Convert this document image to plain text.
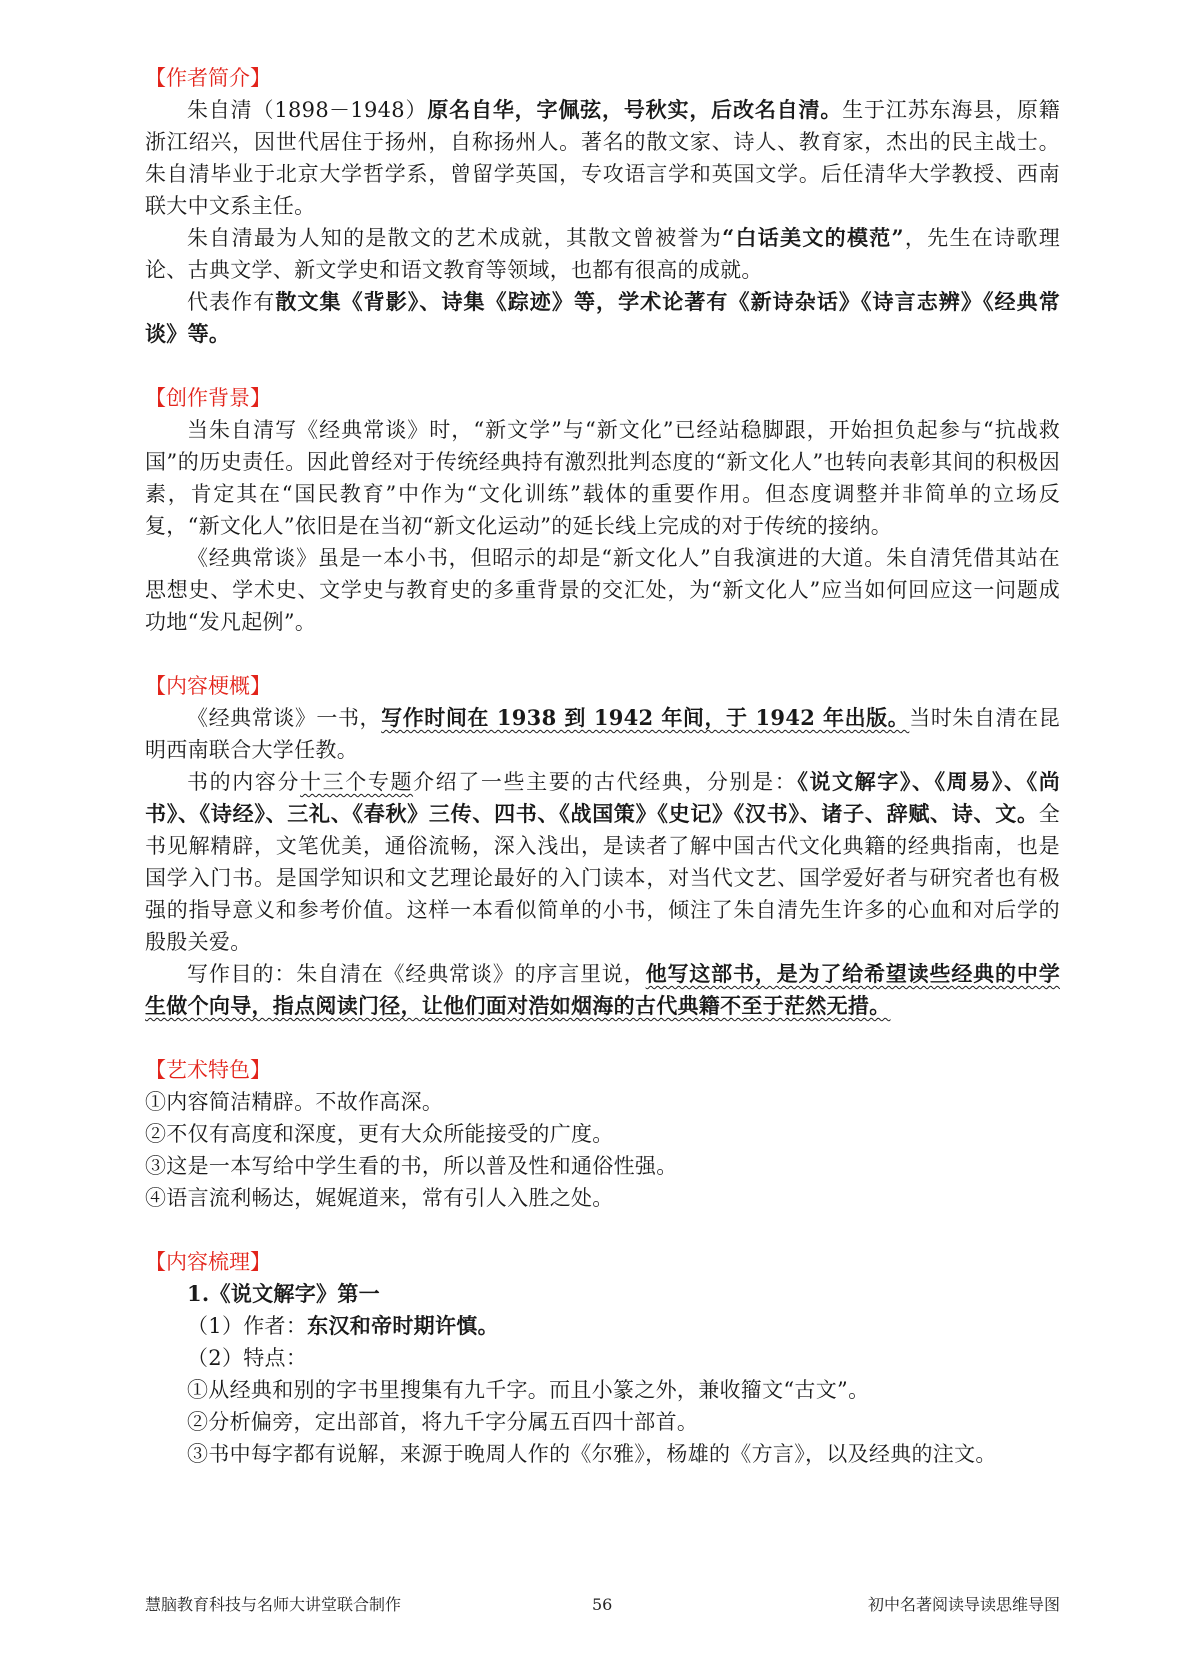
【作者简介】

朱自清（1898－1948）原名自华，字佩弦，号秋实，后改名自清。生于江苏东海县，原籍浙江绍兴，因世代居住于扬州，自称扬州人。著名的散文家、诗人、教育家，杰出的民主战士。朱自清毕业于北京大学哲学系，曾留学英国，专攻语言学和英国文学。后任清华大学教授、西南联大中文系主任。

朱自清最为人知的是散文的艺术成就，其散文曾被誉为“白话美文的模范”，先生在诗歌理论、古典文学、新文学史和语文教育等领域，也都有很高的成就。

代表作有散文集《背影》、诗集《踪迹》等，学术论著有《新诗杂话》《诗言志辨》《经典常谈》等。

【创作背景】

当朱自清写《经典常谈》时，“新文学”与“新文化”已经站稳脚跟，开始担负起参与“抗战救国”的历史责任。因此曾经对于传统经典持有激烈批判态度的“新文化人”也转向表彰其间的积极因素，肯定其在“国民教育”中作为“文化训练”载体的重要作用。但态度调整并非简单的立场反复，“新文化人”依旧是在当初“新文化运动”的延长线上完成的对于传统的接纳。

《经典常谈》虽是一本小书，但昭示的却是“新文化人”自我演进的大道。朱自清凭借其站在思想史、学术史、文学史与教育史的多重背景的交汇处，为“新文化人”应当如何回应这一问题成功地“发凡起例”。

【内容梗概】

《经典常谈》一书，写作时间在 1938 到 1942 年间，于 1942 年出版。当时朱自清在昆明西南联合大学任教。

书的内容分十三个专题介绍了一些主要的古代经典，分别是：《说文解字》、《周易》、《尚书》、《诗经》、三礼、《春秋》三传、四书、《战国策》《史记》《汉书》、诸子、辞赋、诗、文。全书见解精辟，文笔优美，通俗流畅，深入浅出，是读者了解中国古代文化典籍的经典指南，也是国学入门书。是国学知识和文艺理论最好的入门读本，对当代文艺、国学爱好者与研究者也有极强的指导意义和参考价值。这样一本看似简单的小书，倾注了朱自清先生许多的心血和对后学的殷殷关爱。

写作目的：朱自清在《经典常谈》的序言里说，他写这部书，是为了给希望读些经典的中学生做个向导，指点阅读门径，让他们面对浩如烟海的古代典籍不至于茫然无措。

【艺术特色】

①内容简洁精辟。不故作高深。

②不仅有高度和深度，更有大众所能接受的广度。

③这是一本写给中学生看的书，所以普及性和通俗性强。

④语言流利畅达，娓娓道来，常有引人入胜之处。

【内容梳理】

1.《说文解字》第一

（1）作者：东汉和帝时期许慎。

（2）特点：

①从经典和别的字书里搜集有九千字。而且小篆之外，兼收籀文“古文”。

②分析偏旁，定出部首，将九千字分属五百四十部首。

③书中每字都有说解，来源于晚周人作的《尔雅》，杨雄的《方言》，以及经典的注文。

慧脑教育科技与名师大讲堂联合制作	56	初中名著阅读导读思维导图
